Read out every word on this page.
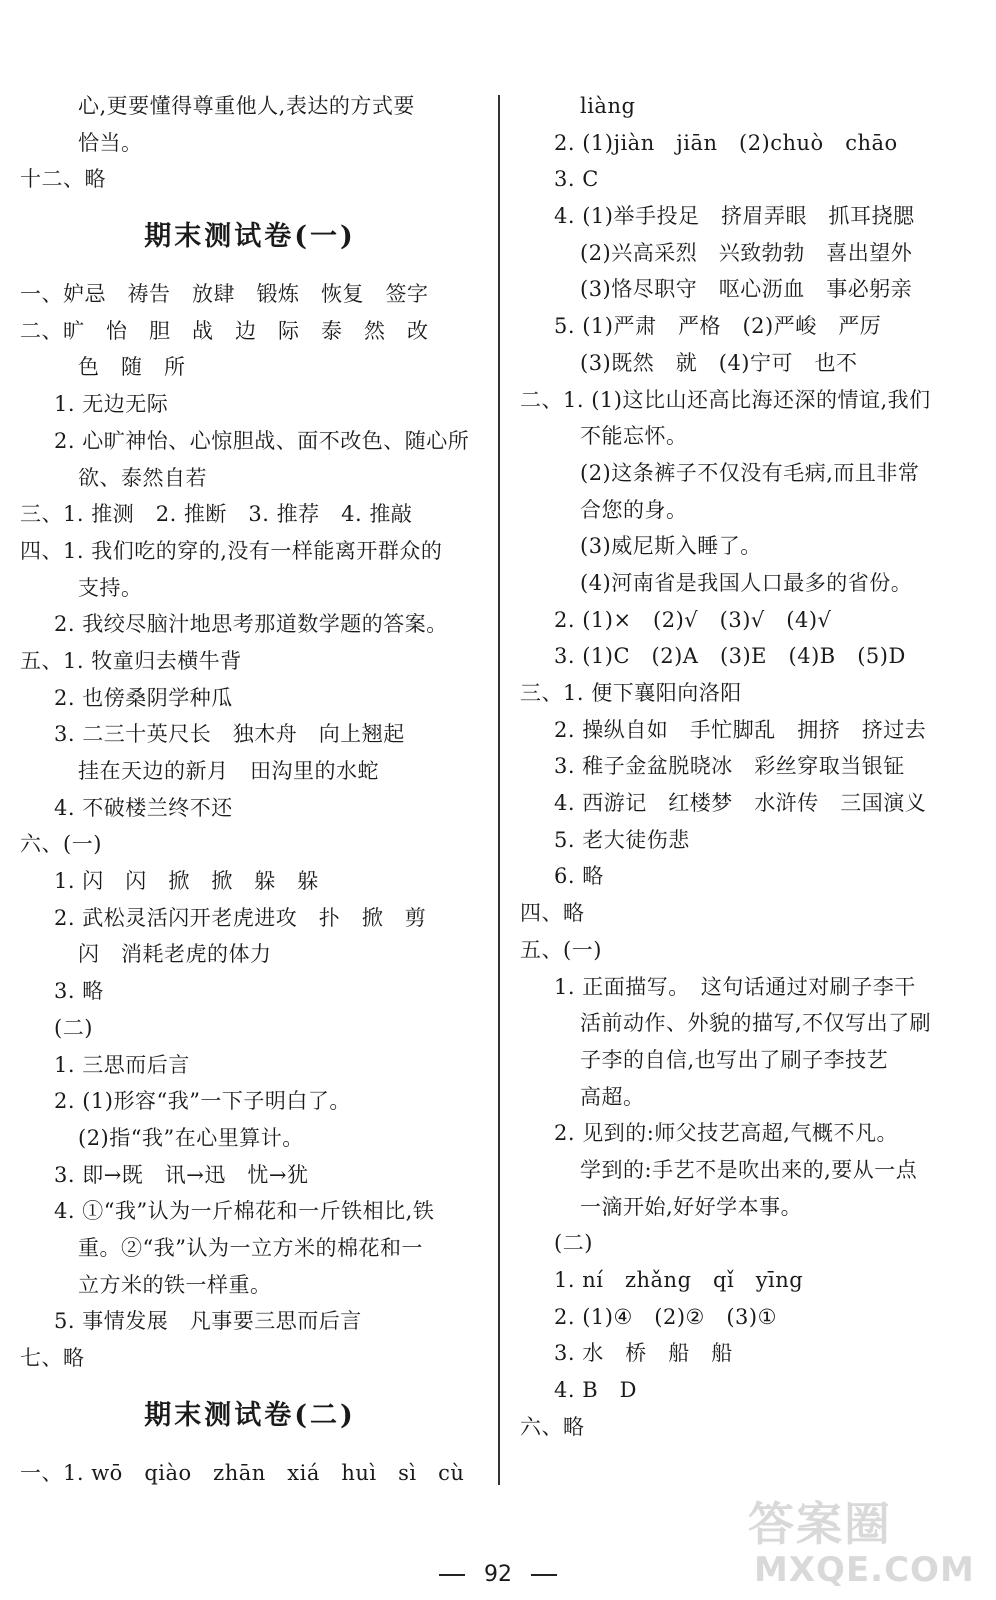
心,更要懂得尊重他人,表达的方式要
恰当。
十二、略
期末测试卷(一)
一、妒忌　祷告　放肆　锻炼　恢复　签字
二、旷　怡　胆　战　边　际　泰　然　改
色　随　所
1. 无边无际
2. 心旷神怡、心惊胆战、面不改色、随心所
欲、泰然自若
三、1. 推测　2. 推断　3. 推荐　4. 推敲
四、1. 我们吃的穿的,没有一样能离开群众的
支持。
2. 我绞尽脑汁地思考那道数学题的答案。
五、1. 牧童归去横牛背
2. 也傍桑阴学种瓜
3. 二三十英尺长　独木舟　向上翘起
挂在天边的新月　田沟里的水蛇
4. 不破楼兰终不还
六、(一)
1. 闪　闪　掀　掀　躲　躲
2. 武松灵活闪开老虎进攻　扑　掀　剪
闪　消耗老虎的体力
3. 略
(二)
1. 三思而后言
2. (1)形容“我”一下子明白了。
(2)指“我”在心里算计。
3. 即→既　讯→迅　忧→犹
4. ①“我”认为一斤棉花和一斤铁相比,铁
重。②“我”认为一立方米的棉花和一
立方米的铁一样重。
5. 事情发展　凡事要三思而后言
七、略
期末测试卷(二)
一、1. wō　qiào　zhān　xiá　huì　sì　cù
liàng
2. (1)jiàn　jiān　(2)chuò　chāo
3. C
4. (1)举手投足　挤眉弄眼　抓耳挠腮
(2)兴高采烈　兴致勃勃　喜出望外
(3)恪尽职守　呕心沥血　事必躬亲
5. (1)严肃　严格　(2)严峻　严厉
(3)既然　就　(4)宁可　也不
二、1. (1)这比山还高比海还深的情谊,我们
不能忘怀。
(2)这条裤子不仅没有毛病,而且非常
合您的身。
(3)威尼斯入睡了。
(4)河南省是我国人口最多的省份。
2. (1)×　(2)√　(3)√　(4)√
3. (1)C　(2)A　(3)E　(4)B　(5)D
三、1. 便下襄阳向洛阳
2. 操纵自如　手忙脚乱　拥挤　挤过去
3. 稚子金盆脱晓冰　彩丝穿取当银钲
4. 西游记　红楼梦　水浒传　三国演义
5. 老大徒伤悲
6. 略
四、略
五、(一)
1. 正面描写。　这句话通过对刷子李干
活前动作、外貌的描写,不仅写出了刷
子李的自信,也写出了刷子李技艺
高超。
2. 见到的:师父技艺高超,气概不凡。
学到的:手艺不是吹出来的,要从一点
一滴开始,好好学本事。
(二)
1. ní　zhǎng　qǐ　yīng
2. (1)④　(2)②　(3)①
3. 水　桥　船　船
4. B　D
六、略
92
答案圈
MXQE.COM
